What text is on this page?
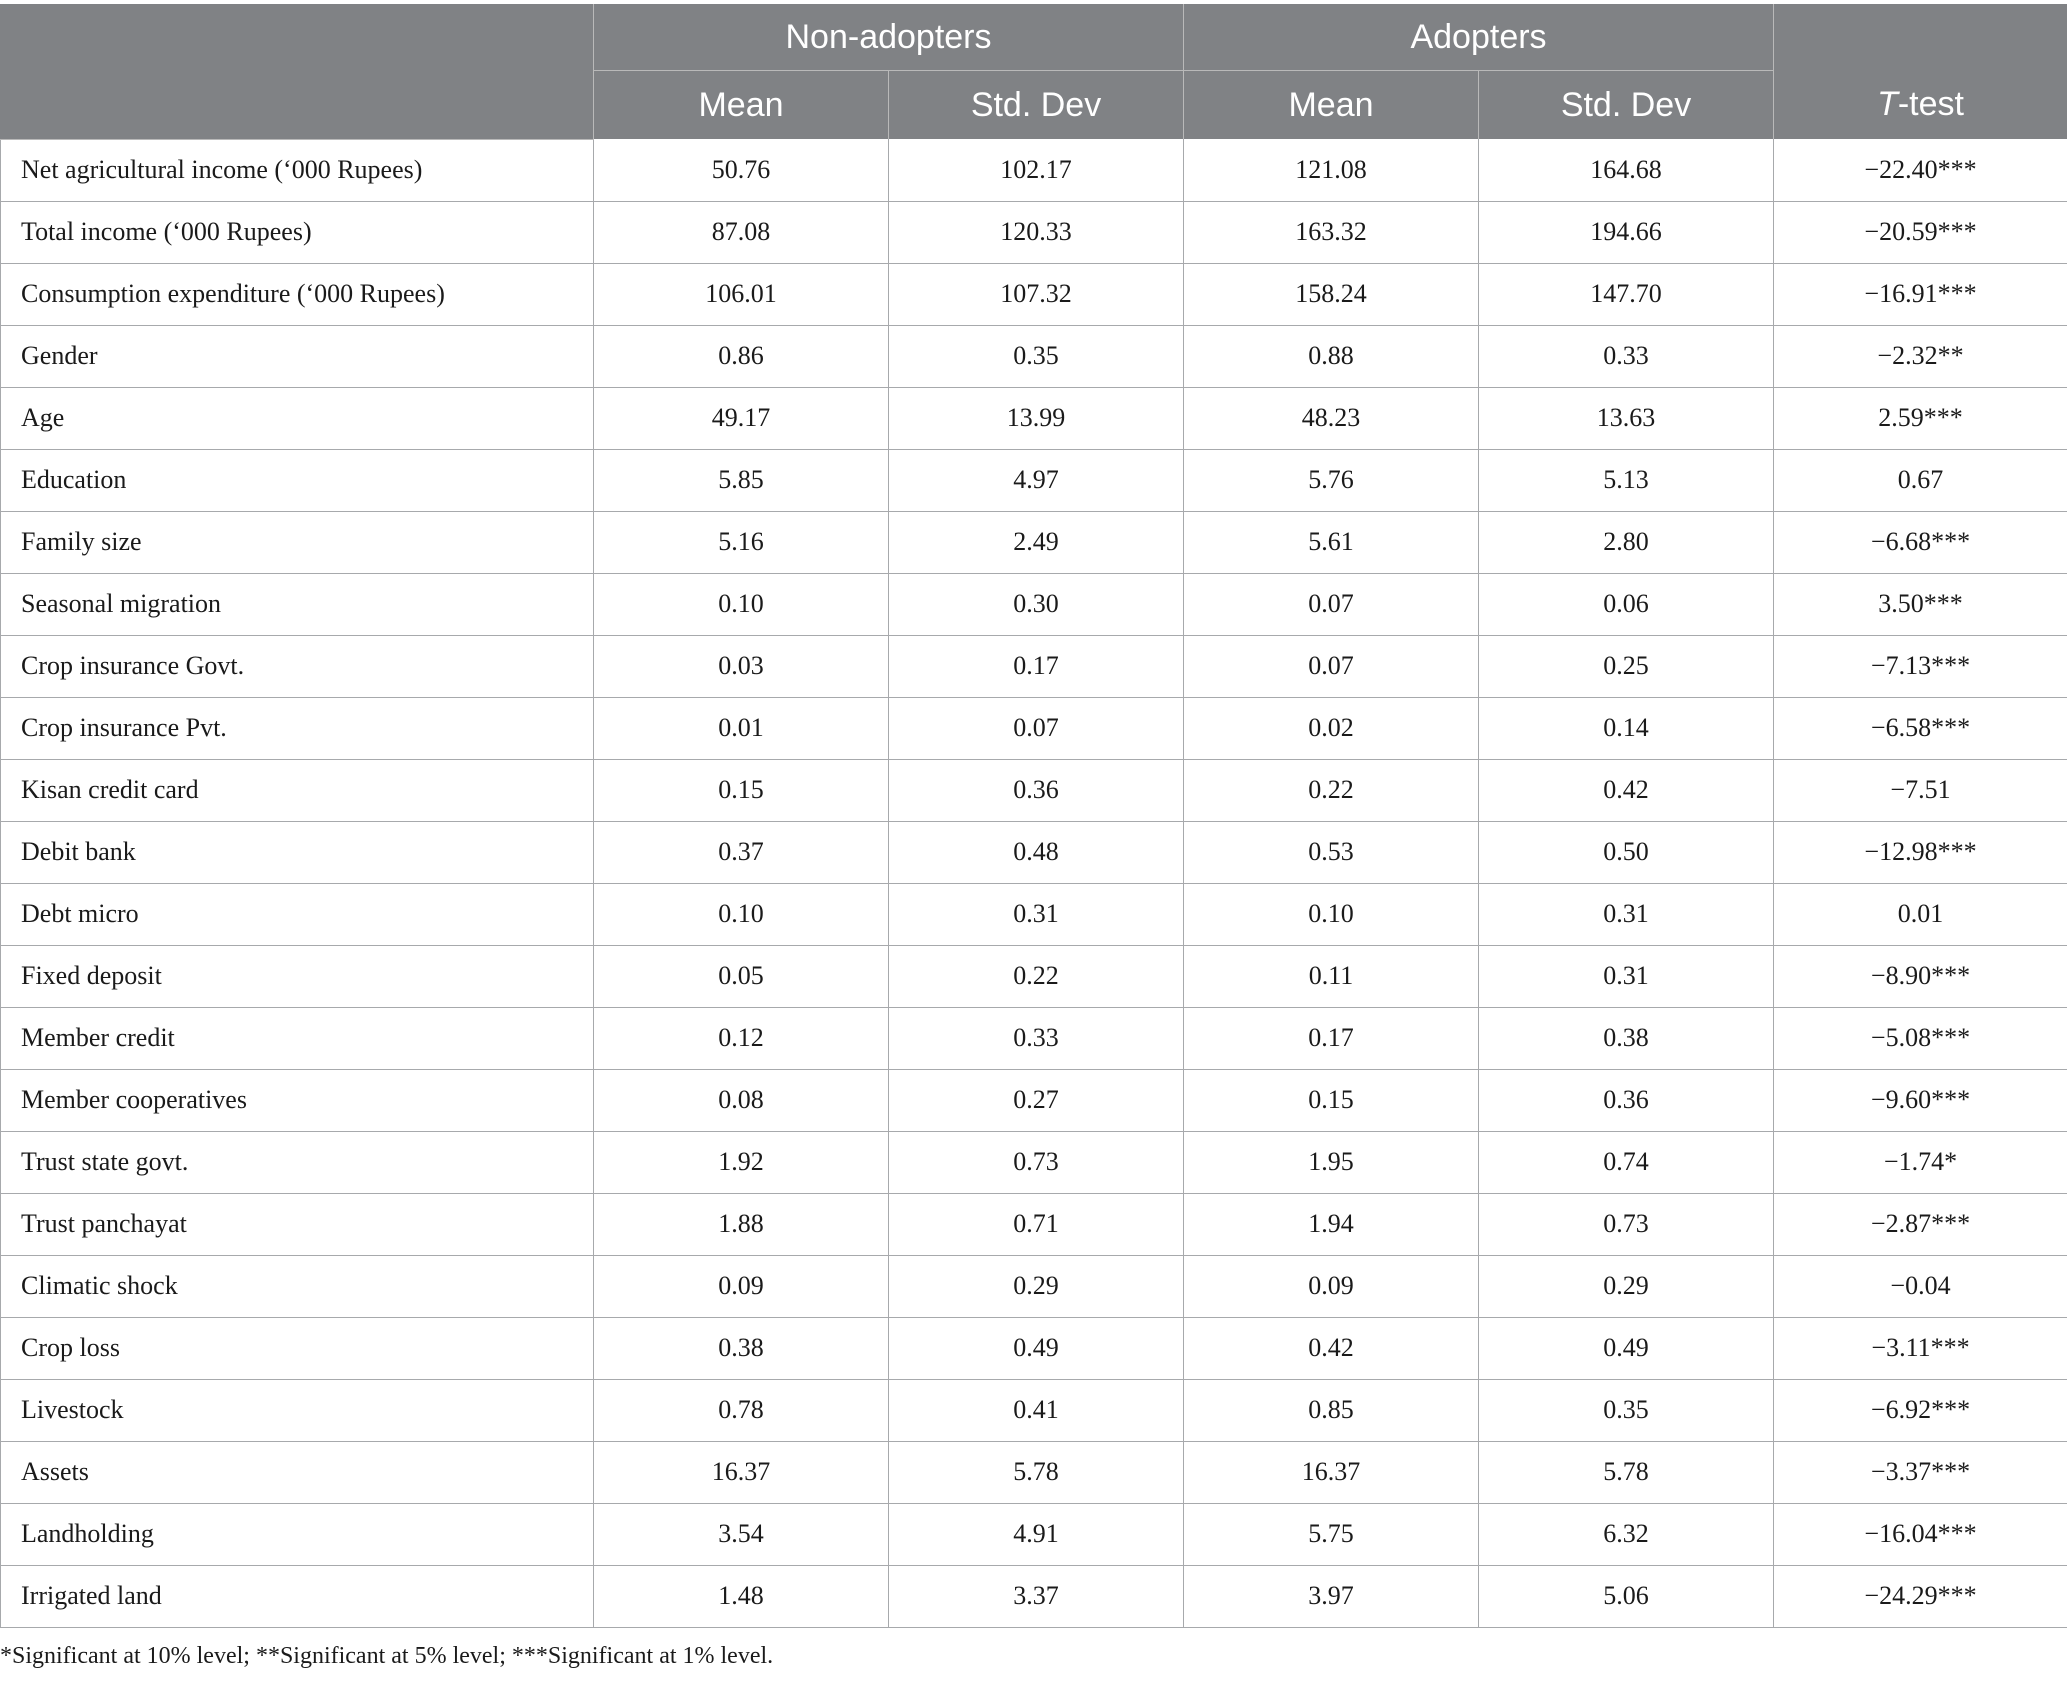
	Non-adopters		Adopters		
	Mean	Std. Dev	Mean	Std. Dev	T-test
Net agricultural income (‘000 Rupees)	50.76	102.17	121.08	164.68	−22.40***
Total income (‘000 Rupees)	87.08	120.33	163.32	194.66	−20.59***
Consumption expenditure (‘000 Rupees)	106.01	107.32	158.24	147.70	−16.91***
Gender	0.86	0.35	0.88	0.33	−2.32**
Age	49.17	13.99	48.23	13.63	2.59***
Education	5.85	4.97	5.76	5.13	0.67
Family size	5.16	2.49	5.61	2.80	−6.68***
Seasonal migration	0.10	0.30	0.07	0.06	3.50***
Crop insurance Govt.	0.03	0.17	0.07	0.25	−7.13***
Crop insurance Pvt.	0.01	0.07	0.02	0.14	−6.58***
Kisan credit card	0.15	0.36	0.22	0.42	−7.51
Debit bank	0.37	0.48	0.53	0.50	−12.98***
Debt micro	0.10	0.31	0.10	0.31	0.01
Fixed deposit	0.05	0.22	0.11	0.31	−8.90***
Member credit	0.12	0.33	0.17	0.38	−5.08***
Member cooperatives	0.08	0.27	0.15	0.36	−9.60***
Trust state govt.	1.92	0.73	1.95	0.74	−1.74*
Trust panchayat	1.88	0.71	1.94	0.73	−2.87***
Climatic shock	0.09	0.29	0.09	0.29	−0.04
Crop loss	0.38	0.49	0.42	0.49	−3.11***
Livestock	0.78	0.41	0.85	0.35	−6.92***
Assets	16.37	5.78	16.37	5.78	−3.37***
Landholding	3.54	4.91	5.75	6.32	−16.04***
Irrigated land	1.48	3.37	3.97	5.06	−24.29***
*Significant at 10% level; **Significant at 5% level; ***Significant at 1% level.
